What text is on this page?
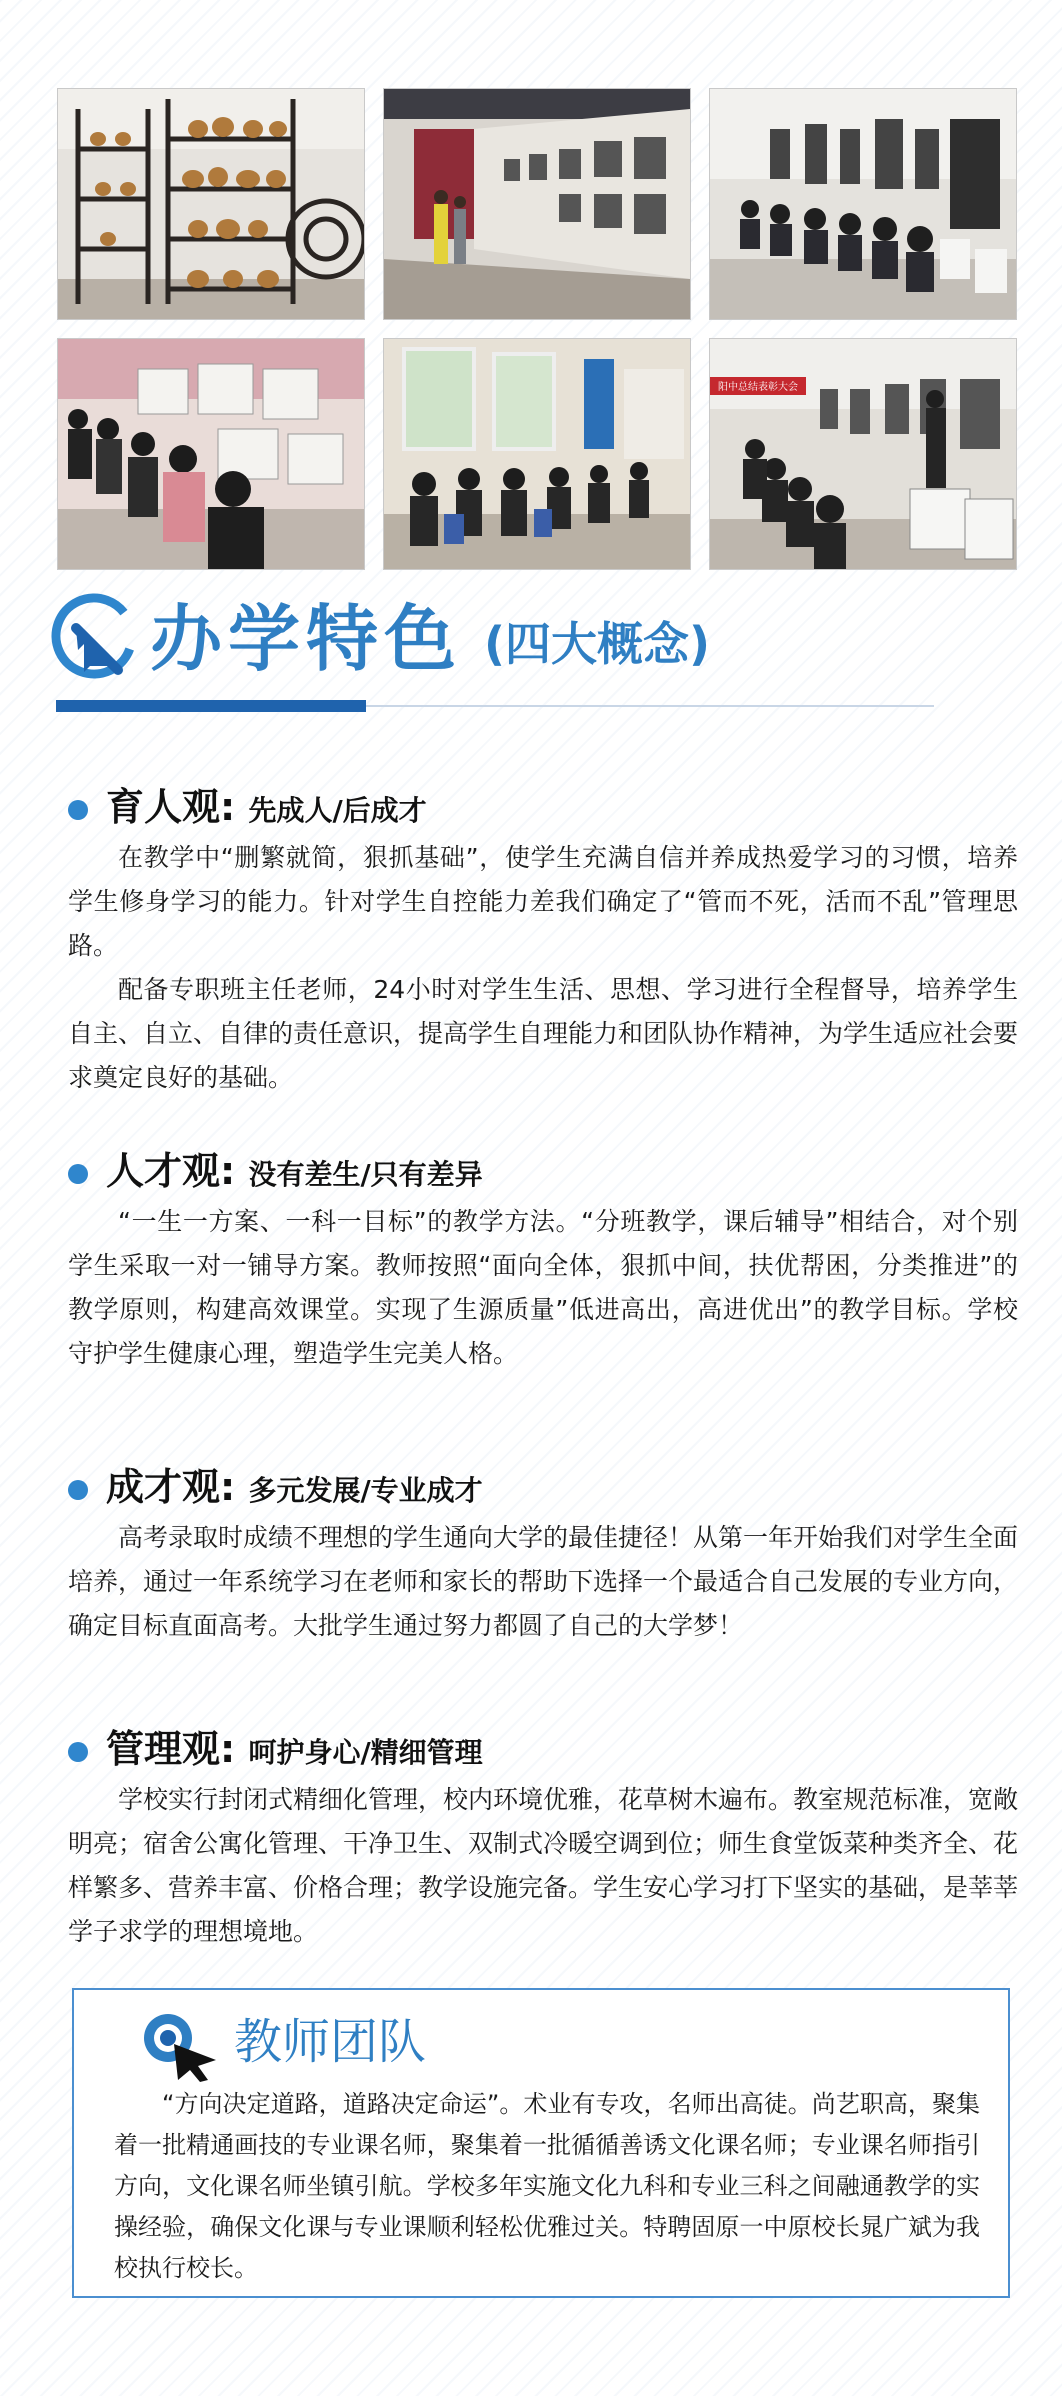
阳中总结表彰大会
办学特色 (四大概念)
育人观: 先成人/后成才

在教学中“删繁就简，狠抓基础”，使学生充满自信并养成热爱学习的习惯，培养学生修身学习的能力。针对学生自控能力差我们确定了“管而不死，活而不乱”管理思路。

配备专职班主任老师，24小时对学生生活、思想、学习进行全程督导，培养学生自主、自立、自律的责任意识，提高学生自理能力和团队协作精神，为学生适应社会要求奠定良好的基础。

人才观: 没有差生/只有差异

“一生一方案、一科一目标”的教学方法。“分班教学，课后辅导”相结合，对个别学生采取一对一铺导方案。教师按照“面向全体，狠抓中间，扶优帮困，分类推进”的教学原则，构建高效课堂。实现了生源质量”低进高出，高进优出”的教学目标。学校守护学生健康心理，塑造学生完美人格。

成才观: 多元发展/专业成才

高考录取时成绩不理想的学生通向大学的最佳捷径！从第一年开始我们对学生全面培养，通过一年系统学习在老师和家长的帮助下选择一个最适合自己发展的专业方向，确定目标直面高考。大批学生通过努力都圆了自己的大学梦！

管理观: 呵护身心/精细管理

学校实行封闭式精细化管理，校内环境优雅，花草树木遍布。教室规范标准，宽敞明亮；宿舍公寓化管理、干净卫生、双制式冷暖空调到位；师生食堂饭菜种类齐全、花样繁多、营养丰富、价格合理；教学设施完备。学生安心学习打下坚实的基础，是莘莘学子求学的理想境地。

教师团队

“方向决定道路，道路决定命运”。术业有专攻，名师出高徒。尚艺职高，聚集着一批精通画技的专业课名师，聚集着一批循循善诱文化课名师；专业课名师指引方向，文化课名师坐镇引航。学校多年实施文化九科和专业三科之间融通教学的实操经验，确保文化课与专业课顺利轻松优雅过关。特聘固原一中原校长晁广斌为我校执行校长。
